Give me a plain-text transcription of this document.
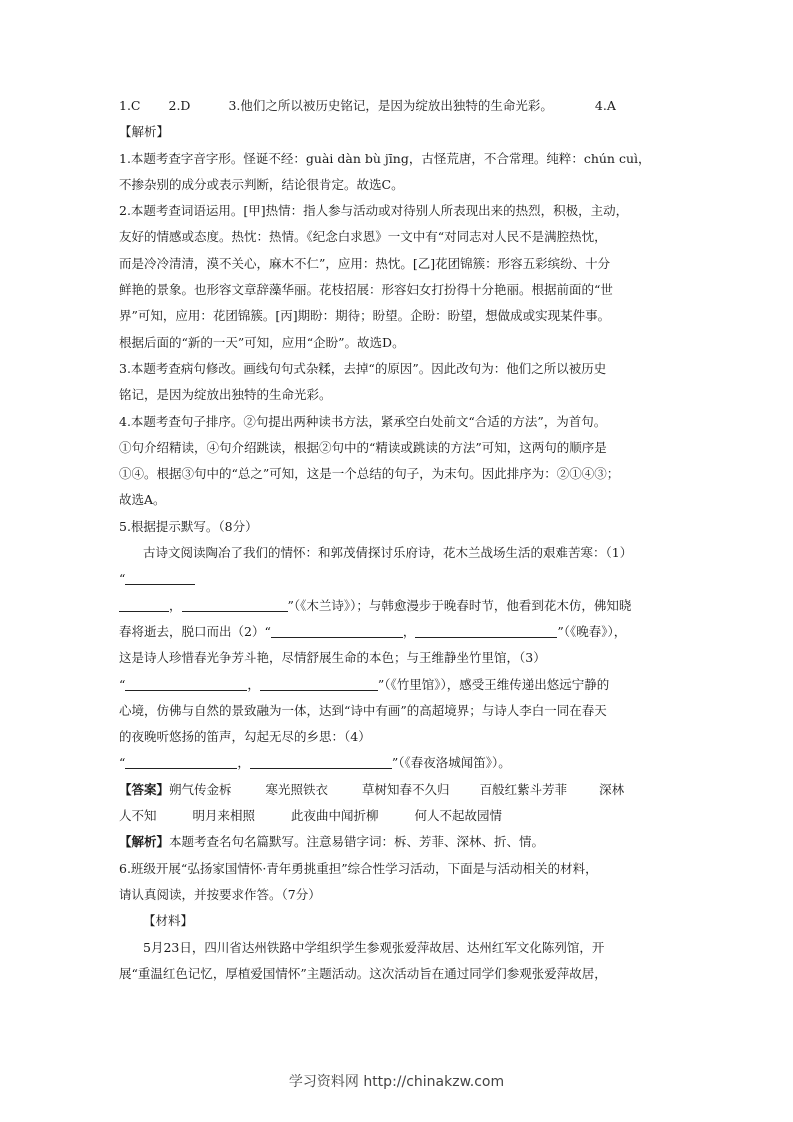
1.C 2.D	3.他们之所以被历史铭记，是因为绽放出独特的生命光彩。	4.A
【解析】
1.本题考查字音字形。怪诞不经：guài dàn bù jīng，古怪荒唐，不合常理。纯粹：chún cuì，
不掺杂别的成分或表示判断，结论很肯定。故选C。
2.本题考查词语运用。[甲]热情：指人参与活动或对待别人所表现出来的热烈，积极，主动，
友好的情感或态度。热忱：热情。《纪念白求恩》一文中有“对同志对人民不是满腔热忱，
而是冷冷清清，漠不关心，麻木不仁”，应用：热忱。[乙]花团锦簇：形容五彩缤纷、十分
鲜艳的景象。也形容文章辞藻华丽。花枝招展：形容妇女打扮得十分艳丽。根据前面的“世
界”可知，应用：花团锦簇。[丙]期盼：期待；盼望。企盼：盼望，想做成或实现某件事。
根据后面的“新的一天”可知，应用“企盼”。故选D。
3.本题考查病句修改。画线句句式杂糅，去掉“的原因”。因此改句为：他们之所以被历史
铭记，是因为绽放出独特的生命光彩。
4.本题考查句子排序。②句提出两种读书方法，紧承空白处前文“合适的方法”，为首句。
①句介绍精读，④句介绍跳读，根据②句中的“精读或跳读的方法”可知，这两句的顺序是
①④。根据③句中的“总之”可知，这是一个总结的句子，为末句。因此排序为：②①④③；
故选A。
5.根据提示默写。（8分）
古诗文阅读陶冶了我们的情怀：和郭茂倩探讨乐府诗，花木兰战场生活的艰难苦寒：（1）
“
，	”（《木兰诗》）；与韩愈漫步于晚春时节，他看到花木仿，佛知晓
春将逝去，脱口而出（2）“	，	”（《晚春》），
这是诗人珍惜春光争芳斗艳，尽情舒展生命的本色；与王维静坐竹里馆，（3）
“	，	”（《竹里馆》），感受王维传递出悠远宁静的
心境，仿佛与自然的景致融为一体，达到“诗中有画”的高超境界；与诗人李白一同在春天
的夜晚听悠扬的笛声，勾起无尽的乡思：（4）
“	，	”（《春夜洛城闻笛》）。
【答案】朔气传金柝	寒光照铁衣	草树知春不久归 百般红紫斗芳菲	深林
人不知	明月来相照	此夜曲中闻折柳	何人不起故园情
【解析】本题考查名句名篇默写。注意易错字词：柝、芳菲、深林、折、情。
6.班级开展“弘扬家国情怀·青年勇挑重担”综合性学习活动，下面是与活动相关的材料，
请认真阅读，并按要求作答。（7分）
【材料】
5月23日，四川省达州铁路中学组织学生参观张爱萍故居、达州红军文化陈列馆，开
展“重温红色记忆，厚植爱国情怀”主题活动。这次活动旨在通过同学们参观张爱萍故居，
学习资料网 http://chinakzw.com
